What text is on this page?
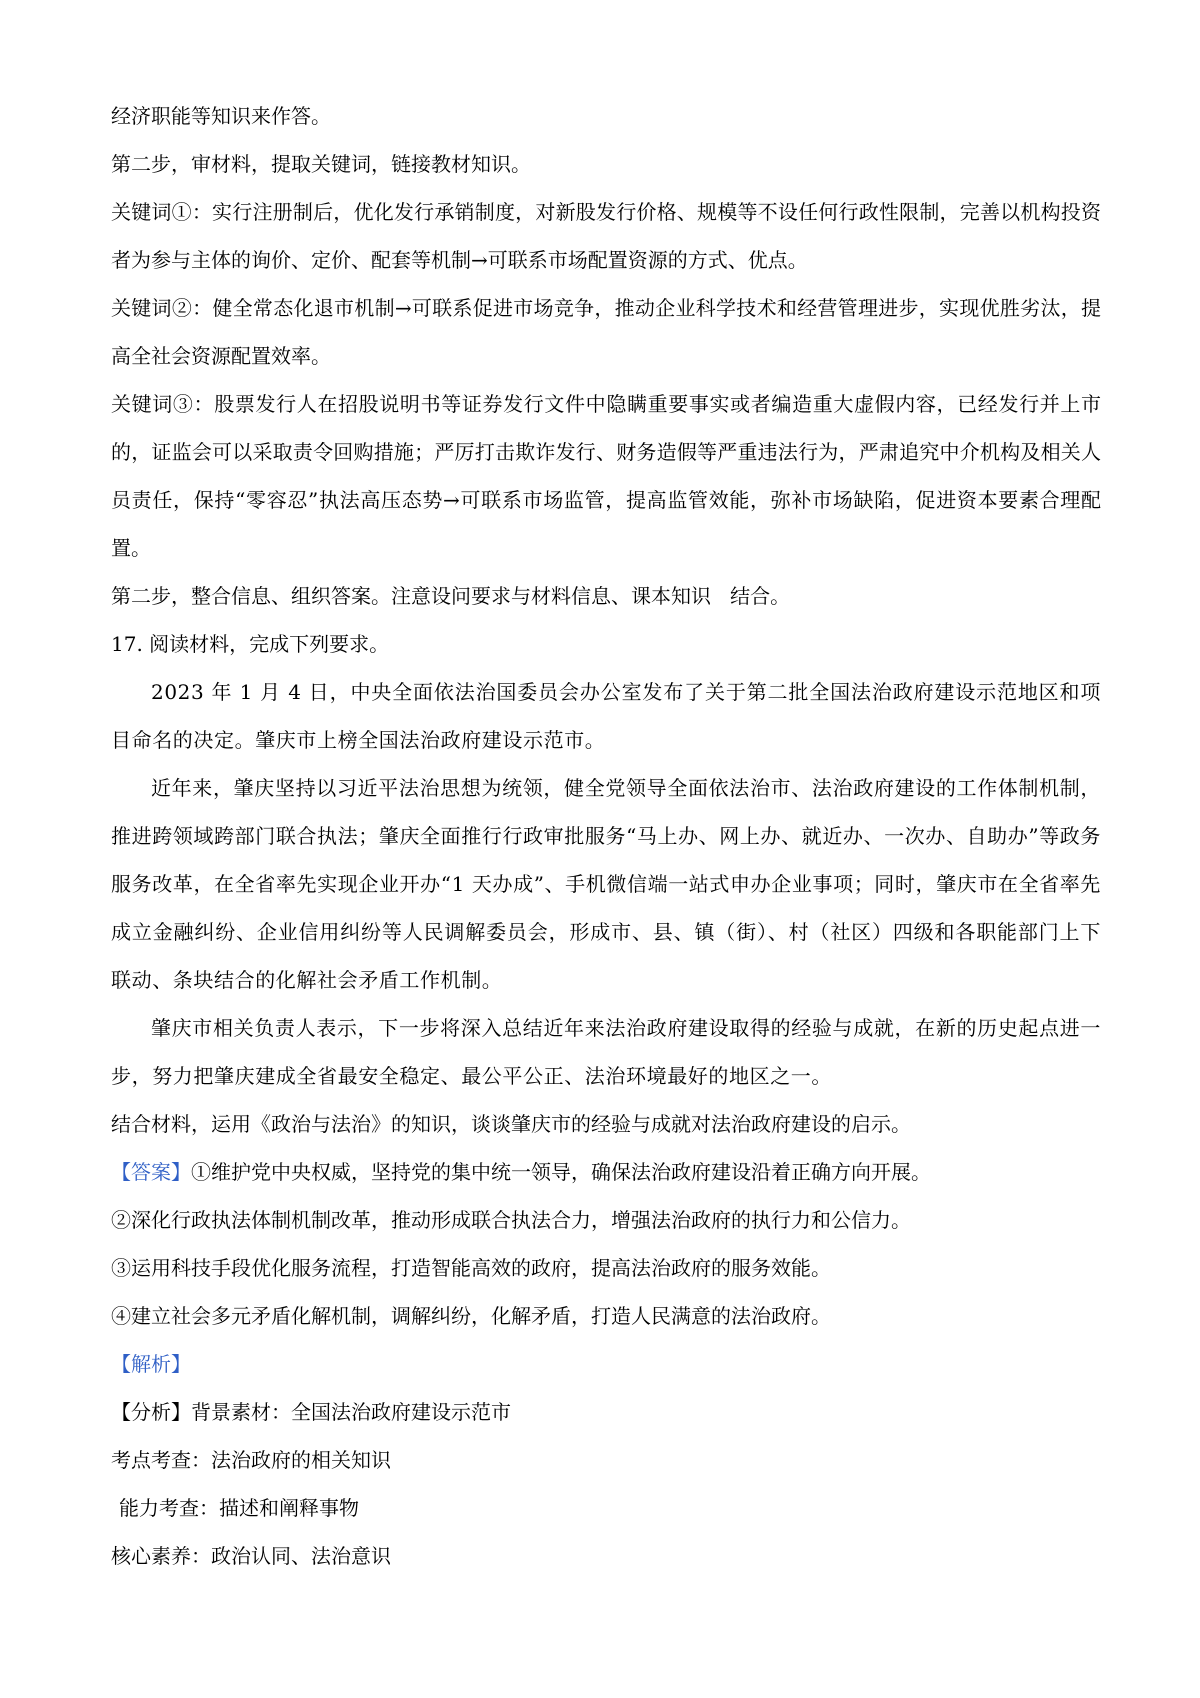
经济职能等知识来作答。

第二步，审材料，提取关键词，链接教材知识。

关键词①：实行注册制后，优化发行承销制度，对新股发行价格、规模等不设任何行政性限制，完善以机构投资者为参与主体的询价、定价、配套等机制→可联系市场配置资源的方式、优点。

关键词②：健全常态化退市机制→可联系促进市场竞争，推动企业科学技术和经营管理进步，实现优胜劣汰，提高全社会资源配置效率。

关键词③：股票发行人在招股说明书等证券发行文件中隐瞒重要事实或者编造重大虚假内容，已经发行并上市的，证监会可以采取责令回购措施；严厉打击欺诈发行、财务造假等严重违法行为，严肃追究中介机构及相关人员责任，保持“零容忍”执法高压态势→可联系市场监管，提高监管效能，弥补市场缺陷，促进资本要素合理配置。

第二步，整合信息、组织答案。注意设问要求与材料信息、课本知识   结合。

17. 阅读材料，完成下列要求。

2023 年 1 月 4 日，中央全面依法治国委员会办公室发布了关于第二批全国法治政府建设示范地区和项目命名的决定。肇庆市上榜全国法治政府建设示范市。

近年来，肇庆坚持以习近平法治思想为统领，健全党领导全面依法治市、法治政府建设的工作体制机制，推进跨领域跨部门联合执法；肇庆全面推行行政审批服务“马上办、网上办、就近办、一次办、自助办”等政务服务改革，在全省率先实现企业开办“1 天办成”、手机微信端一站式申办企业事项；同时，肇庆市在全省率先成立金融纠纷、企业信用纠纷等人民调解委员会，形成市、县、镇（街）、村（社区）四级和各职能部门上下联动、条块结合的化解社会矛盾工作机制。

肇庆市相关负责人表示，下一步将深入总结近年来法治政府建设取得的经验与成就，在新的历史起点进一步，努力把肇庆建成全省最安全稳定、最公平公正、法治环境最好的地区之一。

结合材料，运用《政治与法治》的知识，谈谈肇庆市的经验与成就对法治政府建设的启示。

【答案】①维护党中央权威，坚持党的集中统一领导，确保法治政府建设沿着正确方向开展。

②深化行政执法体制机制改革，推动形成联合执法合力，增强法治政府的执行力和公信力。

③运用科技手段优化服务流程，打造智能高效的政府，提高法治政府的服务效能。

④建立社会多元矛盾化解机制，调解纠纷，化解矛盾，打造人民满意的法治政府。

【解析】

【分析】背景素材：全国法治政府建设示范市

考点考查：法治政府的相关知识

能力考查：描述和阐释事物

核心素养：政治认同、法治意识
